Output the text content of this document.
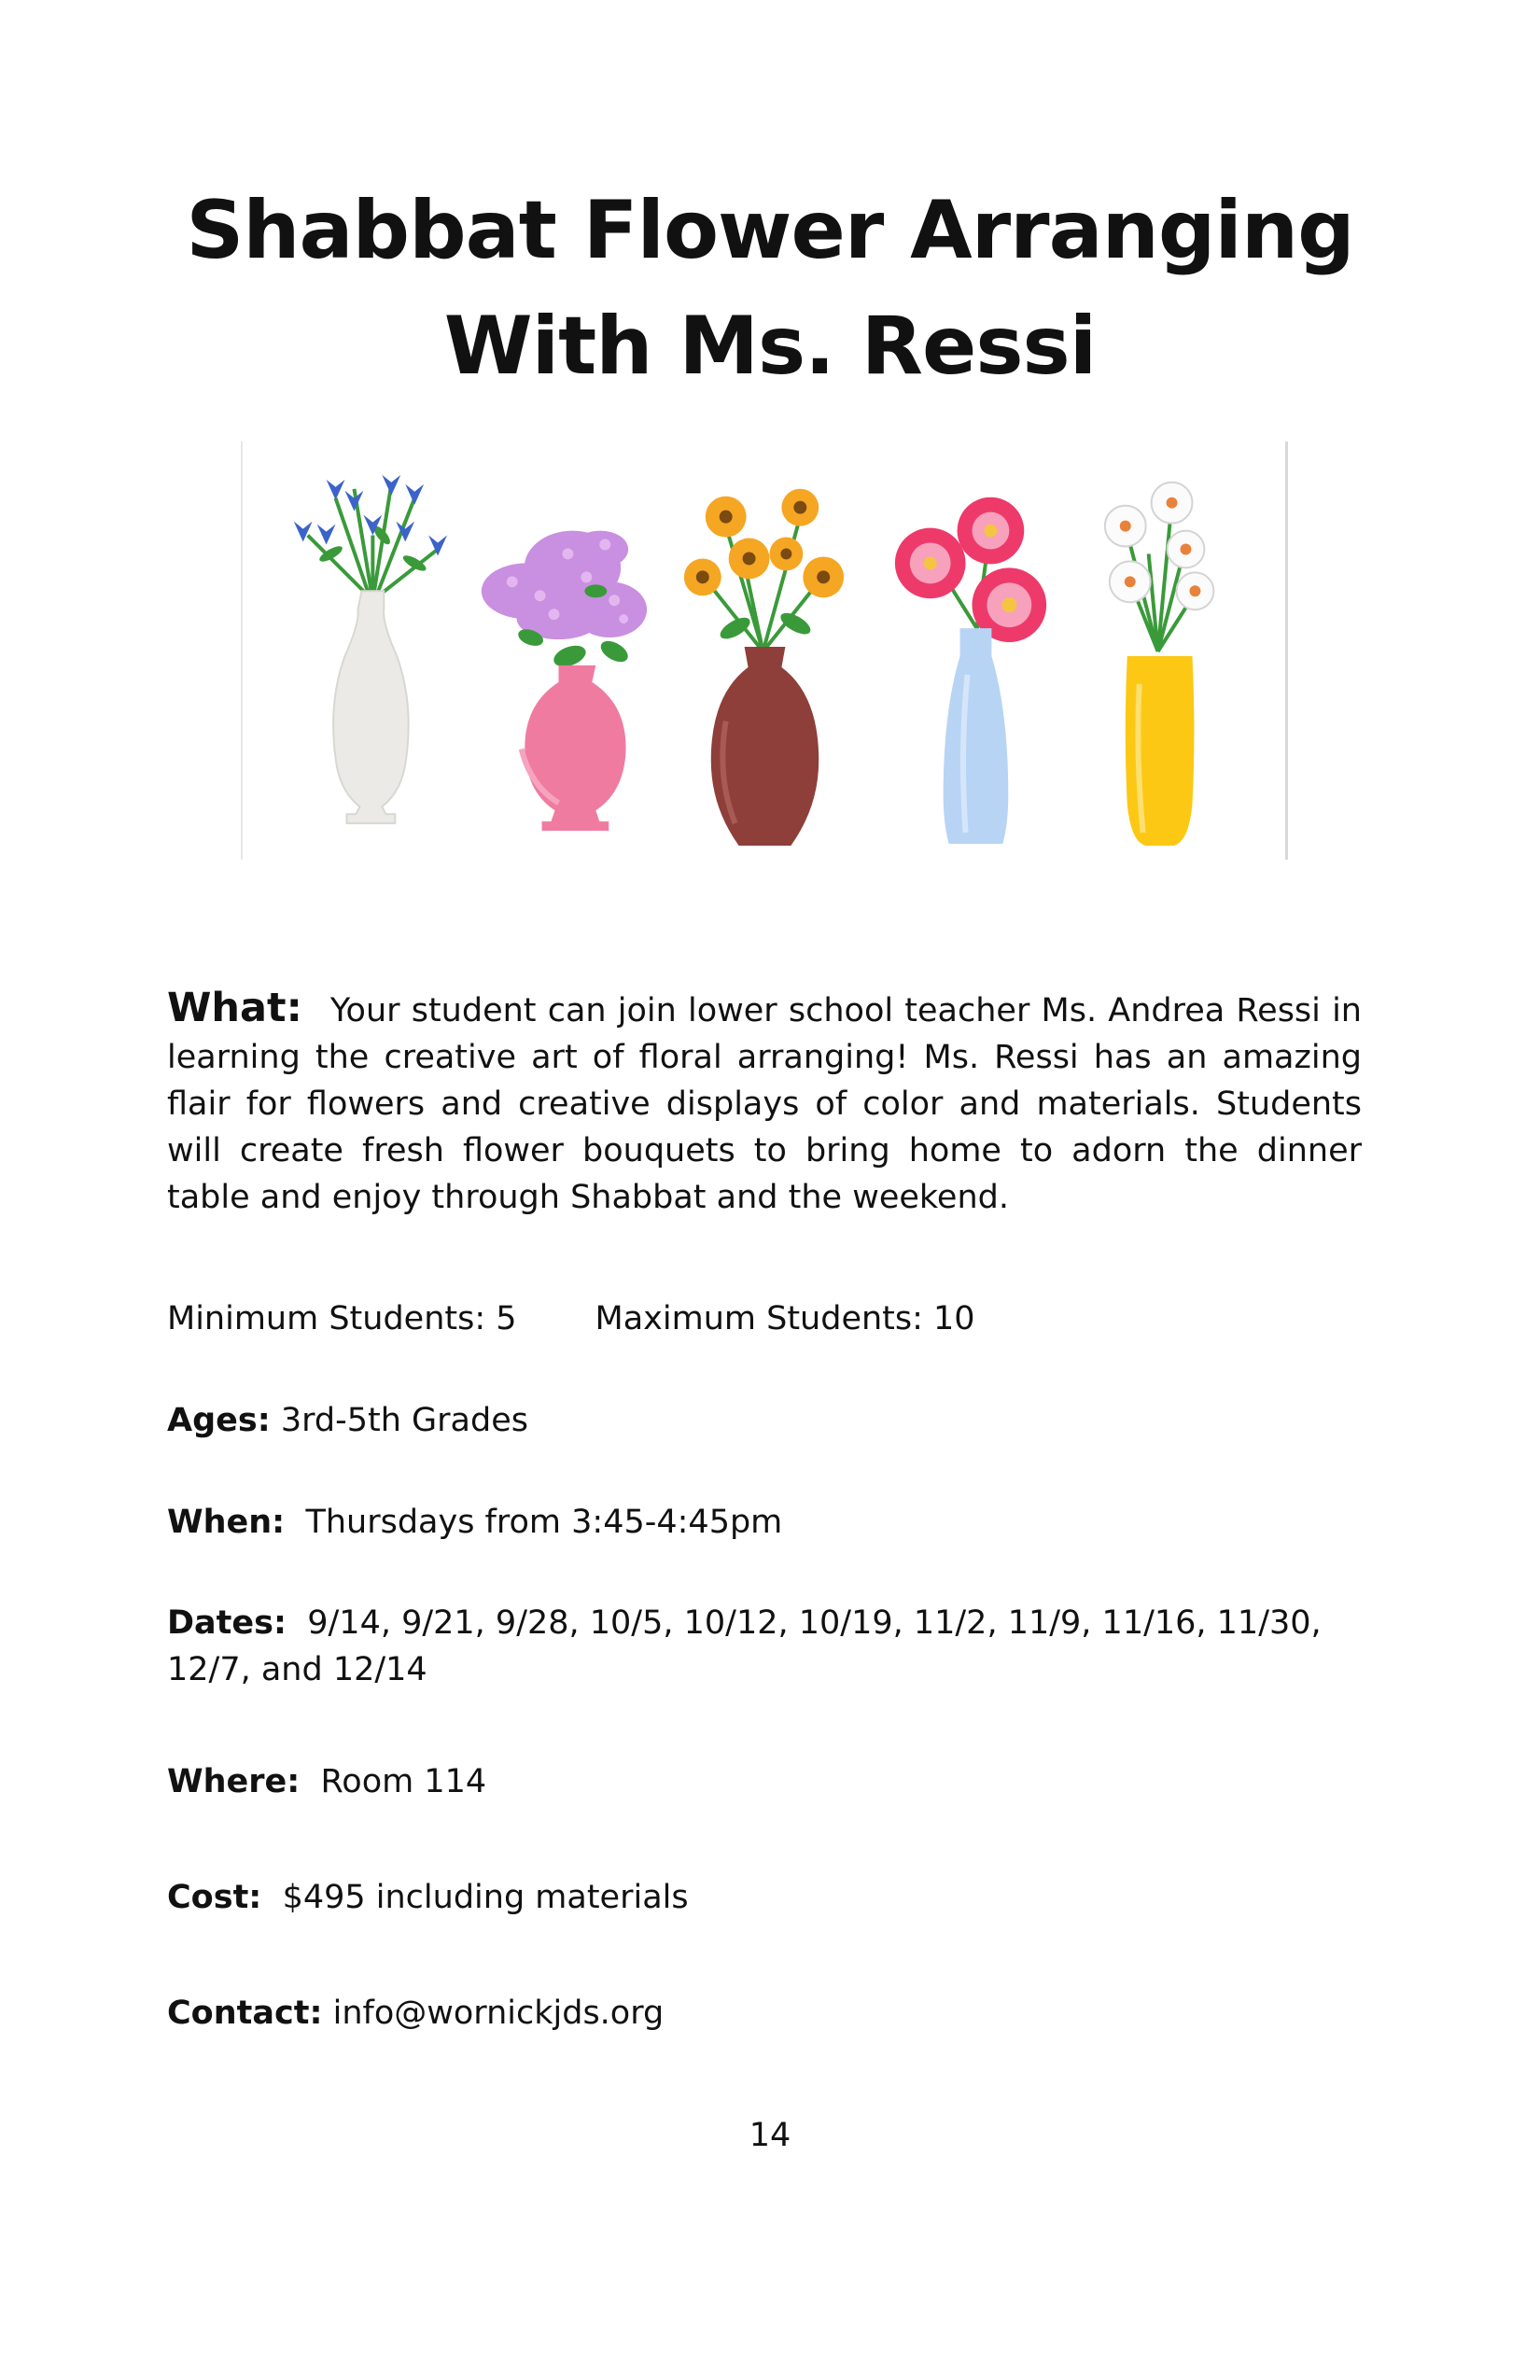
Shabbat Flower Arranging
With Ms. Ressi
What: Your student can join lower school teacher Ms. Andrea Ressi in learning the creative art of floral arranging! Ms. Ressi has an amazing flair for flowers and creative displays of color and materials. Students will create fresh flower bouquets to bring home to adorn the dinner table and enjoy through Shabbat and the weekend.
Minimum Students: 5 Maximum Students: 10
Ages: 3rd-5th Grades
When: Thursdays from 3:45-4:45pm
Dates: 9/14, 9/21, 9/28, 10/5, 10/12, 10/19, 11/2, 11/9, 11/16, 11/30, 12/7, and 12/14
Where: Room 114
Cost: $495 including materials
Contact: info@wornickjds.org
14
